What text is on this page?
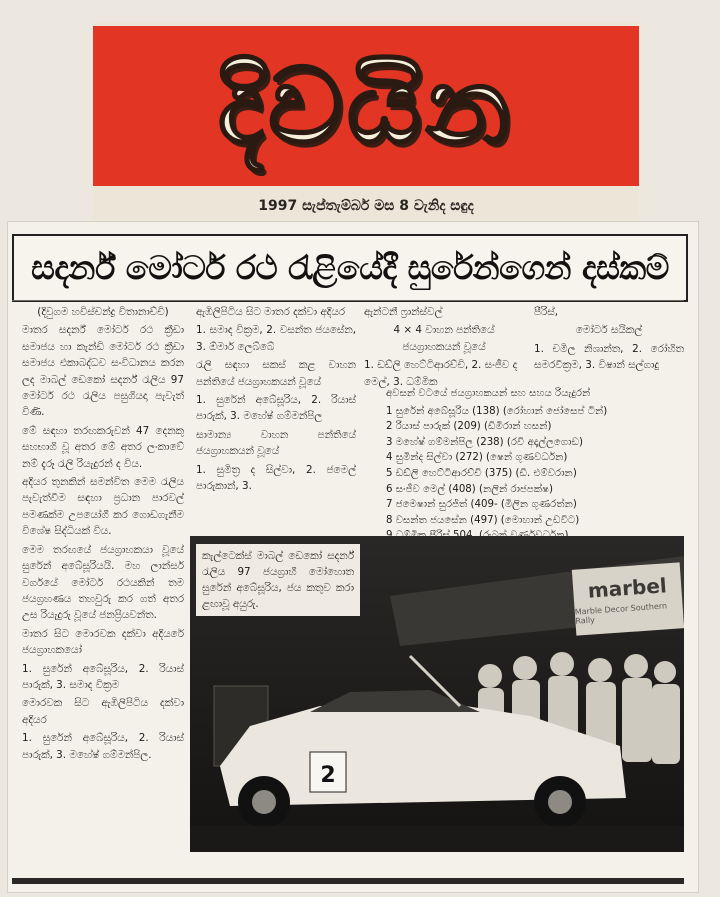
දිවයින
1997 සැප්තැම්බර් මස 8 වැනිද සඳුද
සදර්න් මෝටර් රථ රැළියේදී සුරේන්ගෙන් දස්කම්

(දිවුගම හවිස්චන්ද්‍ර විතානාච්චි)

මාතර සදර්න් මෝටර් රථ ක්‍රීඩා සමාජය හා කැන්ඩි මෝටර් රථ ක්‍රීඩා සමාජය එකාබද්ධව සංවිධානය කරන ලද මාබල් ඩෙකෝ සදර්න් රැලිය 97 මෝටර් රථ රැලිය පසුගියදා පැවැත් විණි.

මේ සඳහා තරඟකරුවන් 47 දෙනකු සහභාගි වූ අතර මේ අතර ලංකාවේ නම් දැරූ රැලි රියැදුරන් ද විය.

අදියර තුනකින් සමන්විත මෙම රැලිය පැවැත්වීම සඳහා ප්‍රධාන පාරවල් පමණක්ම උපයෝගී කර ගොඩගැනීම විශේෂ සිද්ධියක් විය.

මෙම තරඟයේ ජයග්‍රාහකයා වූයේ සුරේන් අබේසූරියයි. මහ ලාන්සර් වර්ගයේ මෝටර් රථයකින් තම ජයග්‍රහණය තහවුරු කර ගත් අතර උස රියැදුරු වූයේ ජනප්‍රියවන්ත.

මාතර සිට මොරවක දක්වා අදියරේ ජයග්‍රාහකයෝ

1. සුරේන් අබේසූරිය, 2. රියාස් පාරුක්, 3. සමාද වික්‍රම

මොරවක සිට ඇඹිලිපිටිය දක්වා අදියර

1. සුරේන් අබේසූරිය, 2. රියාස් පාරුක්, 3. මහේෂ් ගම්මන්පිල.

ඇඹිලිපිටිය සිට මාතර දක්වා අදියර

1. සමාද වික්‍රම, 2. වසන්ත ජයසේන, 3. ඕමාර් ලෙබ්බේ

රැලි සඳහා සකස් කළ වාහන පන්තියේ ජයග්‍රාහකයන් වූයේ

1. සුරේන් අබේසූරිය, 2. රියාස් පාරුක්, 3. මහේෂ් ගම්මන්පිල

සාමාන්‍ය වාහන පන්තියේ ජයග්‍රාහකයන් වූයේ

1. සුමිත්‍ර ද සිල්වා, 2. ජමෙල් පාරුකාන්, 3.

ඇන්ටනී ෆ්‍රාන්ස්වල්

4 × 4 වාහන පන්තියේ ජයග්‍රාහකයන් වූයේ

1. ඩඩ්ලි හෙට්ටිආරච්චි, 2. සංජීව ද මෙල්, 3. ධම්මික

පීරිස්,

මෝටර් සයිකල්

1. චමිල නිශාන්ත, 2. රෝහිත සමරවීක්‍රම, 3. විෂාන් සල්ගාදු

අවසන් වටයේ ජයග්‍රාහකයන් සහ සහය රියැදුරන්

1 සුරේන් අබේසූරිය (138) (රෝහාන් ජෝසෙප් ටින්)
2 රියාස් පාරුක් (209) (ඩිමිරාන් හසන්)
3 මහේෂ් ගම්මන්පිල (238) (රවි අදෑල්ලගොඩ)
4 සුමින්ද සිල්වා (272) (ෂෙන් ගුණවර්ධන)
5 ඩඩ්ලි හෙට්ටිආරච්චි (375) (ඩී. එම්වරාන)
6 සංජීව මෙල් (408) (නලින් රාජපක්ෂ)
7 ජමෙෂාන් සුරජිත් (409- (මිලින ගුණරත්න)
8 වසන්ත ජයසේන (497) (මොහාන් උඩවිට)
2
කැල්ටෙක්ස් මාබල් ඩෙකෝ සදර්න් රැලිය 97 ජයග්‍රාහී මෝහොත සුරේන් අබේසූරිය, ජය කතුව කරා ළඟාවූ අයුරු.
marbel
Marble Decor Southern Rally
